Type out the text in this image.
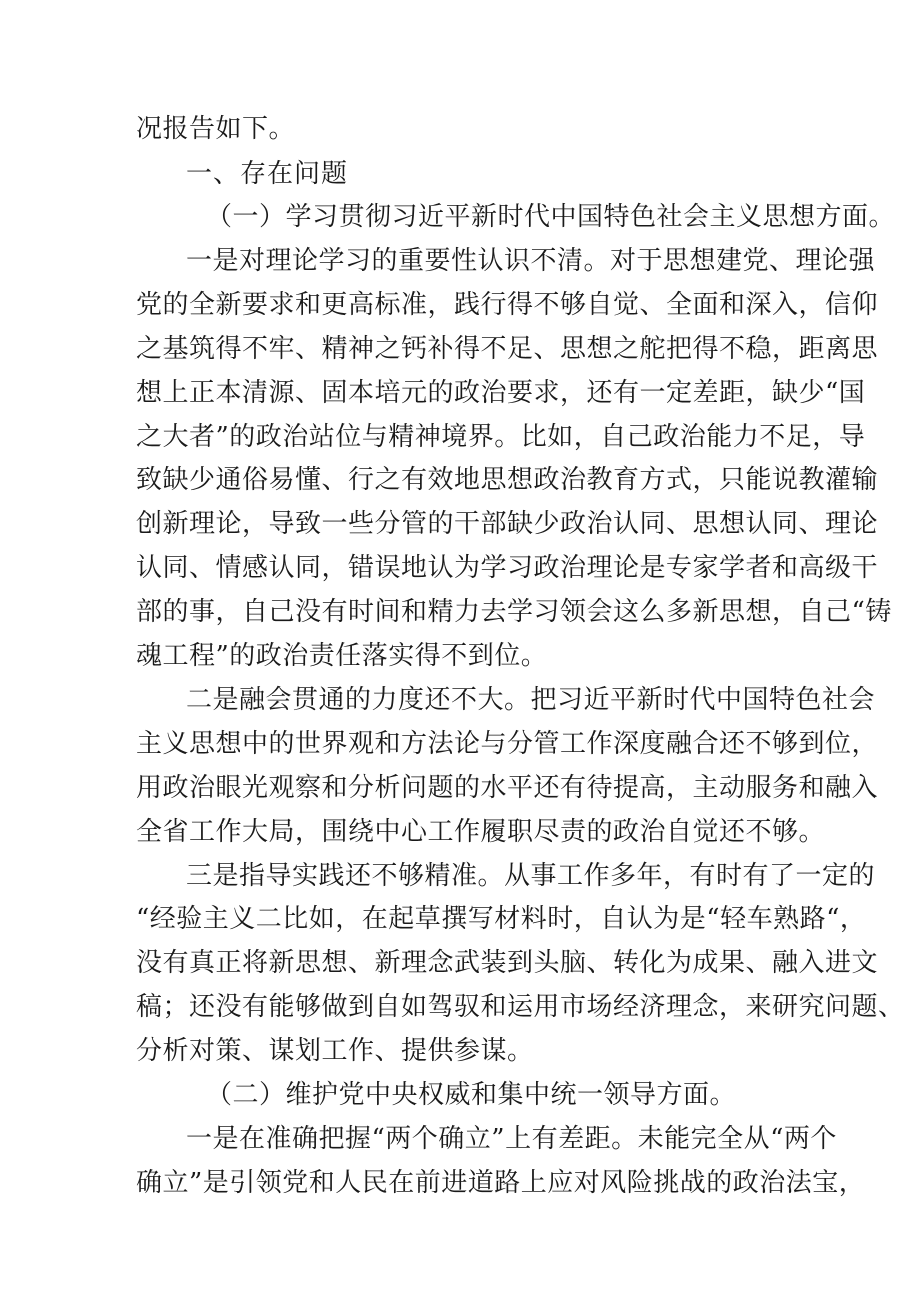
况报告如下。
一、存在问题
（一）学习贯彻习近平新时代中国特色社会主义思想方面。
一是对理论学习的重要性认识不清。对于思想建党、理论强
党的全新要求和更高标准，践行得不够自觉、全面和深入，信仰
之基筑得不牢、精神之钙补得不足、思想之舵把得不稳，距离思
想上正本清源、固本培元的政治要求，还有一定差距，缺少“国
之大者”的政治站位与精神境界。比如，自己政治能力不足，导
致缺少通俗易懂、行之有效地思想政治教育方式，只能说教灌输
创新理论，导致一些分管的干部缺少政治认同、思想认同、理论
认同、情感认同，错误地认为学习政治理论是专家学者和高级干
部的事，自己没有时间和精力去学习领会这么多新思想，自己“铸
魂工程”的政治责任落实得不到位。
二是融会贯通的力度还不大。把习近平新时代中国特色社会
主义思想中的世界观和方法论与分管工作深度融合还不够到位，
用政治眼光观察和分析问题的水平还有待提高，主动服务和融入
全省工作大局，围绕中心工作履职尽责的政治自觉还不够。
三是指导实践还不够精准。从事工作多年，有时有了一定的
“经验主义二比如，在起草撰写材料时，自认为是“轻车熟路“，
没有真正将新思想、新理念武装到头脑、转化为成果、融入进文
稿；还没有能够做到自如驾驭和运用市场经济理念，来研究问题、
分析对策、谋划工作、提供参谋。
（二）维护党中央权威和集中统一领导方面。
一是在准确把握“两个确立”上有差距。未能完全从“两个
确立”是引领党和人民在前进道路上应对风险挑战的政治法宝，
